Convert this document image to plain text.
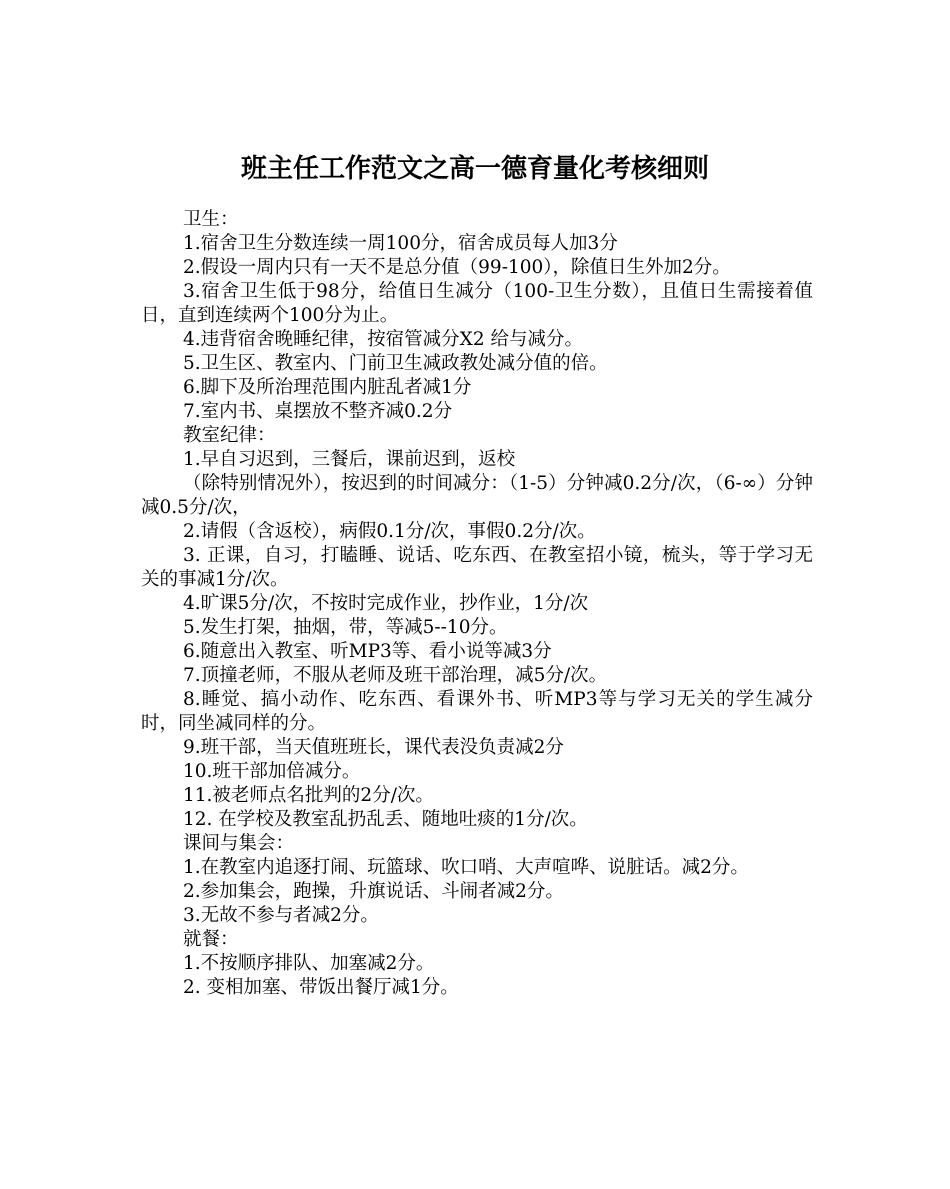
班主任工作范文之高一德育量化考核细则

卫生：

1.宿舍卫生分数连续一周100分，宿舍成员每人加3分

2.假设一周内只有一天不是总分值（99-100），除值日生外加2分。

3.宿舍卫生低于98分，给值日生减分（100-卫生分数），且值日生需接着值日，直到连续两个100分为止。

4.违背宿舍晚睡纪律，按宿管减分X2 给与减分。

5.卫生区、教室内、门前卫生减政教处减分值的倍。

6.脚下及所治理范围内脏乱者减1分

7.室内书、桌摆放不整齐减0.2分

教室纪律：

1.早自习迟到，三餐后，课前迟到，返校

（除特别情况外），按迟到的时间减分：（1-5）分钟减0.2分/次，（6-∞）分钟减0.5分/次，

2.请假（含返校），病假0.1分/次，事假0.2分/次。

3. 正课，自习，打瞌睡、说话、吃东西、在教室招小镜，梳头，等于学习无关的事减1分/次。

4.旷课5分/次，不按时完成作业，抄作业，1分/次

5.发生打架，抽烟，带，等减5--10分。

6.随意出入教室、听MP3等、看小说等减3分

7.顶撞老师，不服从老师及班干部治理，减5分/次。

8.睡觉、搞小动作、吃东西、看课外书、听MP3等与学习无关的学生减分时，同坐减同样的分。

9.班干部，当天值班班长，课代表没负责减2分

10.班干部加倍减分。

11.被老师点名批判的2分/次。

12. 在学校及教室乱扔乱丢、随地吐痰的1分/次。

课间与集会：

1.在教室内追逐打闹、玩篮球、吹口哨、大声喧哗、说脏话。减2分。

2.参加集会，跑操，升旗说话、斗闹者减2分。

3.无故不参与者减2分。

就餐：

1.不按顺序排队、加塞减2分。

2. 变相加塞、带饭出餐厅减1分。
